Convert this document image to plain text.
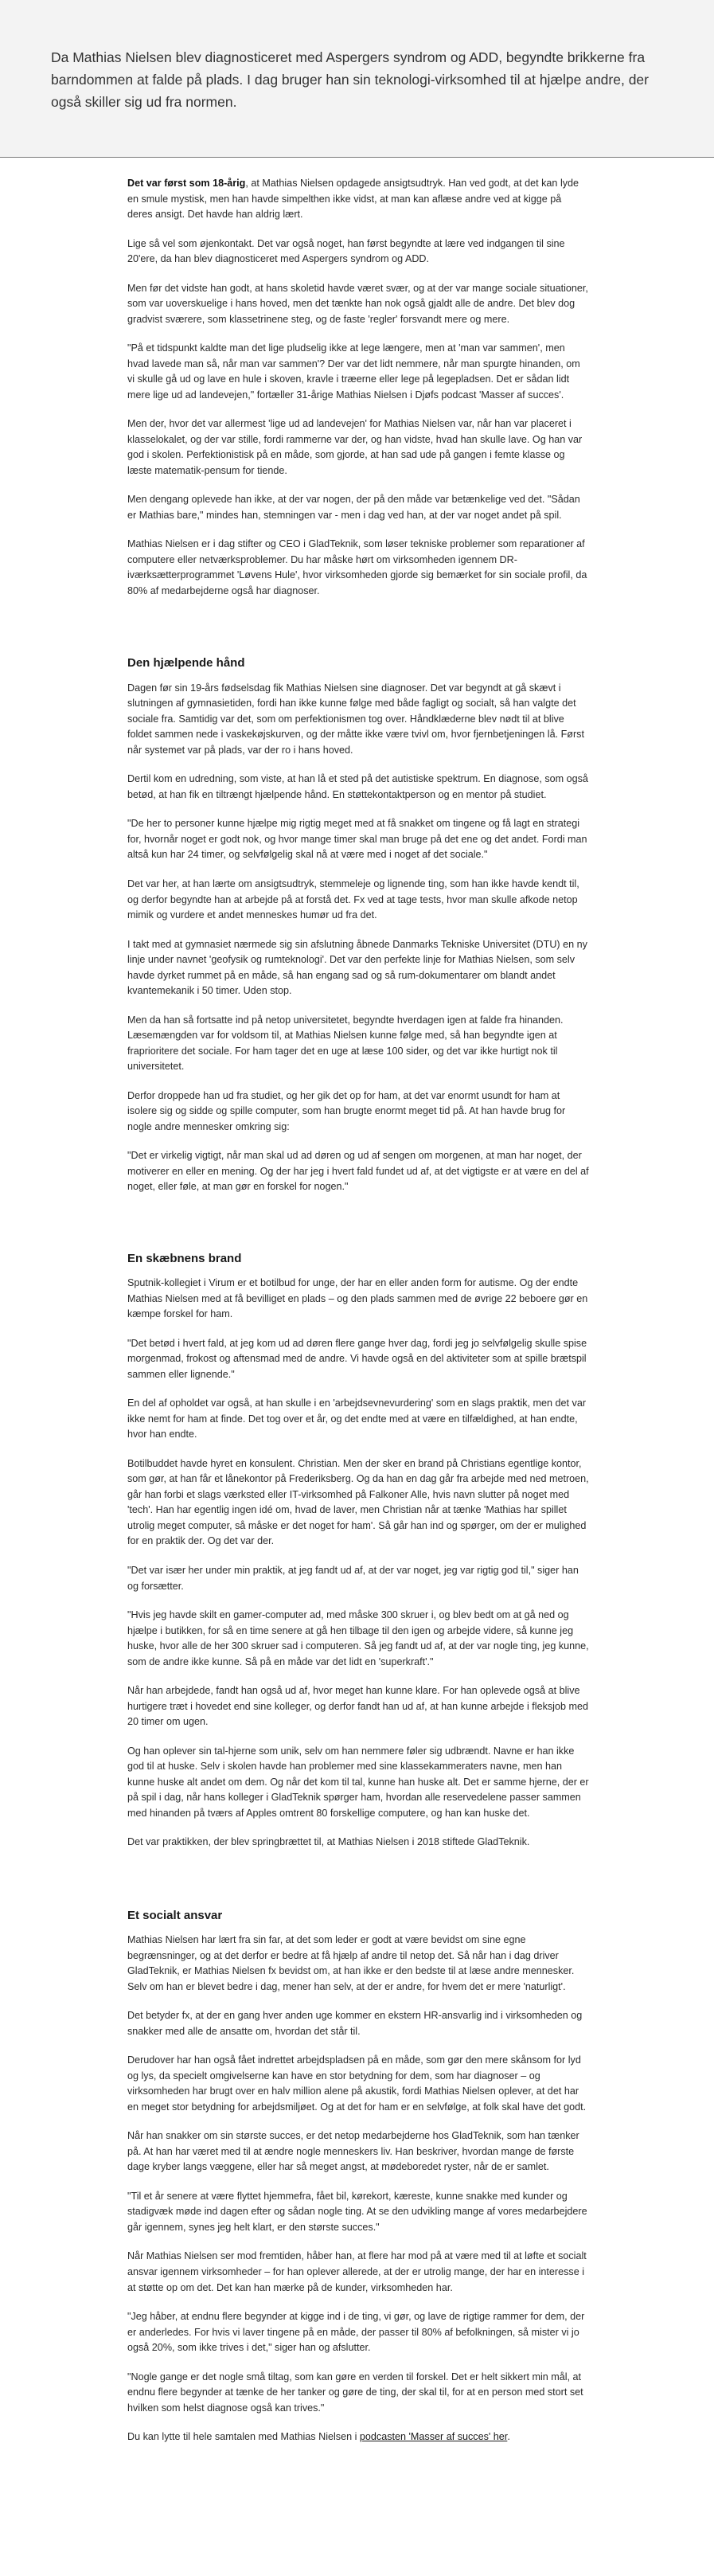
Da Mathias Nielsen blev diagnosticeret med Aspergers syndrom og ADD, begyndte brikkerne fra barndommen at falde på plads. I dag bruger han sin teknologi-virksomhed til at hjælpe andre, der også skiller sig ud fra normen.

Det var først som 18-årig, at Mathias Nielsen opdagede ansigtsudtryk. Han ved godt, at det kan lyde en smule mystisk, men han havde simpelthen ikke vidst, at man kan aflæse andre ved at kigge på deres ansigt. Det havde han aldrig lært.

Lige så vel som øjenkontakt. Det var også noget, han først begyndte at lære ved indgangen til sine 20'ere, da han blev diagnosticeret med Aspergers syndrom og ADD.

Men før det vidste han godt, at hans skoletid havde været svær, og at der var mange sociale situationer, som var uoverskuelige i hans hoved, men det tænkte han nok også gjaldt alle de andre. Det blev dog gradvist sværere, som klassetrinene steg, og de faste 'regler' forsvandt mere og mere.

"På et tidspunkt kaldte man det lige pludselig ikke at lege længere, men at 'man var sammen', men hvad lavede man så, når man var sammen'? Der var det lidt nemmere, når man spurgte hinanden, om vi skulle gå ud og lave en hule i skoven, kravle i træerne eller lege på legepladsen. Det er sådan lidt mere lige ud ad landevejen," fortæller 31-årige Mathias Nielsen i Djøfs podcast 'Masser af succes'.

Men der, hvor det var allermest 'lige ud ad landevejen' for Mathias Nielsen var, når han var placeret i klasselokalet, og der var stille, fordi rammerne var der, og han vidste, hvad han skulle lave. Og han var god i skolen. Perfektionistisk på en måde, som gjorde, at han sad ude på gangen i femte klasse og læste matematik-pensum for tiende.

Men dengang oplevede han ikke, at der var nogen, der på den måde var betænkelige ved det. "Sådan er Mathias bare," mindes han, stemningen var - men i dag ved han, at der var noget andet på spil.

Mathias Nielsen er i dag stifter og CEO i GladTeknik, som løser tekniske problemer som reparationer af computere eller netværksproblemer. Du har måske hørt om virksomheden igennem DR-iværksætterprogrammet 'Løvens Hule', hvor virksomheden gjorde sig bemærket for sin sociale profil, da 80% af medarbejderne også har diagnoser.

Den hjælpende hånd

Dagen før sin 19-års fødselsdag fik Mathias Nielsen sine diagnoser. Det var begyndt at gå skævt i slutningen af gymnasietiden, fordi han ikke kunne følge med både fagligt og socialt, så han valgte det sociale fra. Samtidig var det, som om perfektionismen tog over. Håndklæderne blev nødt til at blive foldet sammen nede i vaskekøjskurven, og der måtte ikke være tvivl om, hvor fjernbetjeningen lå. Først når systemet var på plads, var der ro i hans hoved.

Dertil kom en udredning, som viste, at han lå et sted på det autistiske spektrum. En diagnose, som også betød, at han fik en tiltrængt hjælpende hånd. En støttekontaktperson og en mentor på studiet.

"De her to personer kunne hjælpe mig rigtig meget med at få snakket om tingene og få lagt en strategi for, hvornår noget er godt nok, og hvor mange timer skal man bruge på det ene og det andet. Fordi man altså kun har 24 timer, og selvfølgelig skal nå at være med i noget af det sociale."

Det var her, at han lærte om ansigtsudtryk, stemmeleje og lignende ting, som han ikke havde kendt til, og derfor begyndte han at arbejde på at forstå det. Fx ved at tage tests, hvor man skulle afkode netop mimik og vurdere et andet menneskes humør ud fra det.

I takt med at gymnasiet nærmede sig sin afslutning åbnede Danmarks Tekniske Universitet (DTU) en ny linje under navnet 'geofysik og rumteknologi'. Det var den perfekte linje for Mathias Nielsen, som selv havde dyrket rummet på en måde, så han engang sad og så rum-dokumentarer om blandt andet kvantemekanik i 50 timer. Uden stop.

Men da han så fortsatte ind på netop universitetet, begyndte hverdagen igen at falde fra hinanden. Læsemængden var for voldsom til, at Mathias Nielsen kunne følge med, så han begyndte igen at fraprioritere det sociale. For ham tager det en uge at læse 100 sider, og det var ikke hurtigt nok til universitetet.

Derfor droppede han ud fra studiet, og her gik det op for ham, at det var enormt usundt for ham at isolere sig og sidde og spille computer, som han brugte enormt meget tid på. At han havde brug for nogle andre mennesker omkring sig:

"Det er virkelig vigtigt, når man skal ud ad døren og ud af sengen om morgenen, at man har noget, der motiverer en eller en mening. Og der har jeg i hvert fald fundet ud af, at det vigtigste er at være en del af noget, eller føle, at man gør en forskel for nogen."

En skæbnens brand

Sputnik-kollegiet i Virum er et botilbud for unge, der har en eller anden form for autisme. Og der endte Mathias Nielsen med at få bevilliget en plads – og den plads sammen med de øvrige 22 beboere gør en kæmpe forskel for ham.

"Det betød i hvert fald, at jeg kom ud ad døren flere gange hver dag, fordi jeg jo selvfølgelig skulle spise morgenmad, frokost og aftensmad med de andre. Vi havde også en del aktiviteter som at spille brætspil sammen eller lignende."

En del af opholdet var også, at han skulle i en 'arbejdsevnevurdering' som en slags praktik, men det var ikke nemt for ham at finde. Det tog over et år, og det endte med at være en tilfældighed, at han endte, hvor han endte.

Botilbuddet havde hyret en konsulent. Christian. Men der sker en brand på Christians egentlige kontor, som gør, at han får et lånekontor på Frederiksberg. Og da han en dag går fra arbejde med ned metroen, går han forbi et slags værksted eller IT-virksomhed på Falkoner Alle, hvis navn slutter på noget med 'tech'. Han har egentlig ingen idé om, hvad de laver, men Christian når at tænke 'Mathias har spillet utrolig meget computer, så måske er det noget for ham'. Så går han ind og spørger, om der er mulighed for en praktik der. Og det var der.

"Det var især her under min praktik, at jeg fandt ud af, at der var noget, jeg var rigtig god til," siger han og forsætter.

"Hvis jeg havde skilt en gamer-computer ad, med måske 300 skruer i, og blev bedt om at gå ned og hjælpe i butikken, for så en time senere at gå hen tilbage til den igen og arbejde videre, så kunne jeg huske, hvor alle de her 300 skruer sad i computeren. Så jeg fandt ud af, at der var nogle ting, jeg kunne, som de andre ikke kunne. Så på en måde var det lidt en 'superkraft'."

Når han arbejdede, fandt han også ud af, hvor meget han kunne klare. For han oplevede også at blive hurtigere træt i hovedet end sine kolleger, og derfor fandt han ud af, at han kunne arbejde i fleksjob med 20 timer om ugen.

Og han oplever sin tal-hjerne som unik, selv om han nemmere føler sig udbrændt. Navne er han ikke god til at huske. Selv i skolen havde han problemer med sine klassekammeraters navne, men han kunne huske alt andet om dem. Og når det kom til tal, kunne han huske alt. Det er samme hjerne, der er på spil i dag, når hans kolleger i GladTeknik spørger ham, hvordan alle reservedelene passer sammen med hinanden på tværs af Apples omtrent 80 forskellige computere, og han kan huske det.

Det var praktikken, der blev springbrættet til, at Mathias Nielsen i 2018 stiftede GladTeknik.

Et socialt ansvar

Mathias Nielsen har lært fra sin far, at det som leder er godt at være bevidst om sine egne begrænsninger, og at det derfor er bedre at få hjælp af andre til netop det. Så når han i dag driver GladTeknik, er Mathias Nielsen fx bevidst om, at han ikke er den bedste til at læse andre mennesker. Selv om han er blevet bedre i dag, mener han selv, at der er andre, for hvem det er mere 'naturligt'.

Det betyder fx, at der en gang hver anden uge kommer en ekstern HR-ansvarlig ind i virksomheden og snakker med alle de ansatte om, hvordan det står til.

Derudover har han også fået indrettet arbejdspladsen på en måde, som gør den mere skånsom for lyd og lys, da specielt omgivelserne kan have en stor betydning for dem, som har diagnoser – og virksomheden har brugt over en halv million alene på akustik, fordi Mathias Nielsen oplever, at det har en meget stor betydning for arbejdsmiljøet. Og at det for ham er en selvfølge, at folk skal have det godt.

Når han snakker om sin største succes, er det netop medarbejderne hos GladTeknik, som han tænker på. At han har været med til at ændre nogle menneskers liv. Han beskriver, hvordan mange de første dage kryber langs væggene, eller har så meget angst, at mødeboredet ryster, når de er samlet.

"Til et år senere at være flyttet hjemmefra, fået bil, kørekort, kæreste, kunne snakke med kunder og stadigvæk møde ind dagen efter og sådan nogle ting. At se den udvikling mange af vores medarbejdere går igennem, synes jeg helt klart, er den største succes."

Når Mathias Nielsen ser mod fremtiden, håber han, at flere har mod på at være med til at løfte et socialt ansvar igennem virksomheder – for han oplever allerede, at der er utrolig mange, der har en interesse i at støtte op om det. Det kan han mærke på de kunder, virksomheden har.

"Jeg håber, at endnu flere begynder at kigge ind i de ting, vi gør, og lave de rigtige rammer for dem, der er anderledes. For hvis vi laver tingene på en måde, der passer til 80% af befolkningen, så mister vi jo også 20%, som ikke trives i det," siger han og afslutter.

"Nogle gange er det nogle små tiltag, som kan gøre en verden til forskel. Det er helt sikkert min mål, at endnu flere begynder at tænke de her tanker og gøre de ting, der skal til, for at en person med stort set hvilken som helst diagnose også kan trives."

Du kan lytte til hele samtalen med Mathias Nielsen i podcasten 'Masser af succes' her.
